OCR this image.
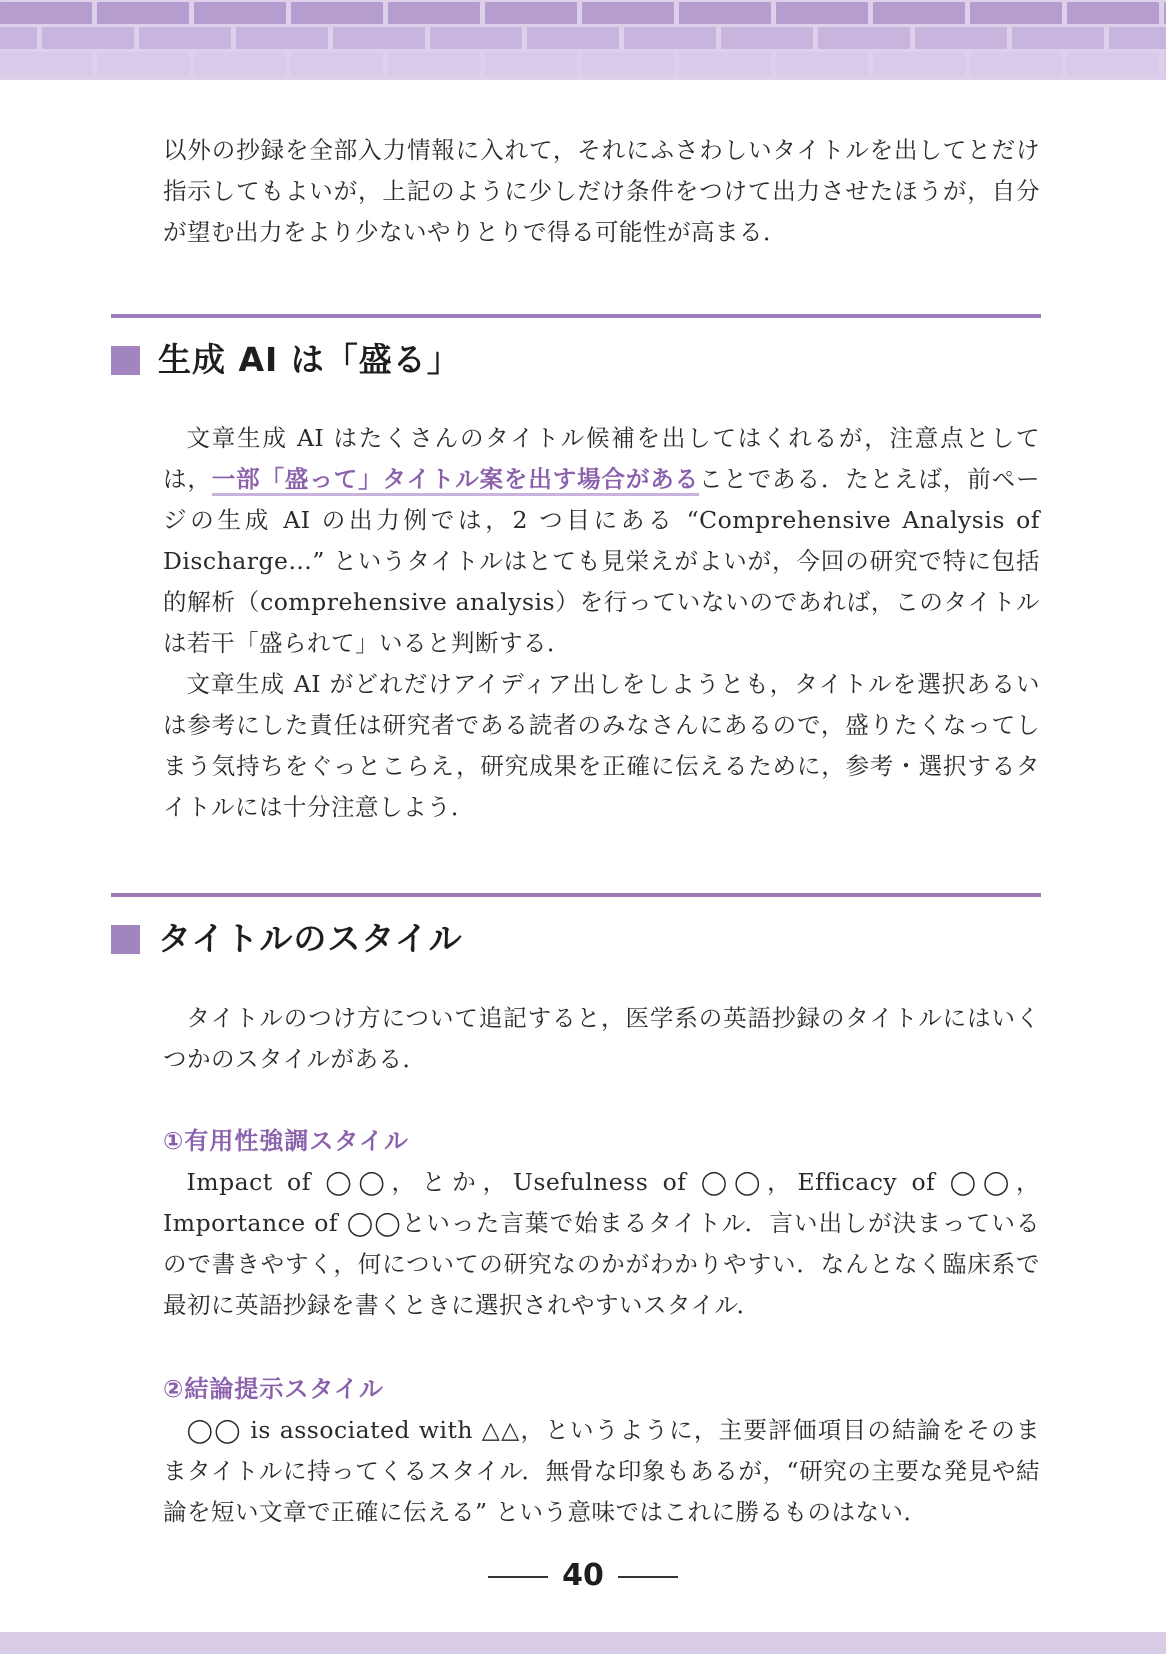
以外の抄録を全部入力情報に入れて，それにふさわしいタイトルを出してとだけ指示してもよいが，上記のように少しだけ条件をつけて出力させたほうが，自分が望む出力をより少ないやりとりで得る可能性が高まる．

生成 AI は「盛る」

文章生成 AI はたくさんのタイトル候補を出してはくれるが，注意点としては，一部「盛って」タイトル案を出す場合があることである．たとえば，前ページの生成 AI の出力例では，2 つ目にある “Comprehensive Analysis of Discharge…” というタイトルはとても見栄えがよいが，今回の研究で特に包括的解析（comprehensive analysis）を行っていないのであれば，このタイトルは若干「盛られて」いると判断する．

文章生成 AI がどれだけアイディア出しをしようとも，タイトルを選択あるいは参考にした責任は研究者である読者のみなさんにあるので，盛りたくなってしまう気持ちをぐっとこらえ，研究成果を正確に伝えるために，参考・選択するタイトルには十分注意しよう．

タイトルのスタイル

タイトルのつけ方について追記すると，医学系の英語抄録のタイトルにはいくつかのスタイルがある．

①有用性強調スタイル

Impact of ◯◯，とか，Usefulness of ◯◯，Efficacy of ◯◯，Importance of ◯◯といった言葉で始まるタイトル．言い出しが決まっているので書きやすく，何についての研究なのかがわかりやすい．なんとなく臨床系で最初に英語抄録を書くときに選択されやすいスタイル．

②結論提示スタイル

◯◯ is associated with △△，というように，主要評価項目の結論をそのままタイトルに持ってくるスタイル．無骨な印象もあるが，“研究の主要な発見や結論を短い文章で正確に伝える” という意味ではこれに勝るものはない．

40
